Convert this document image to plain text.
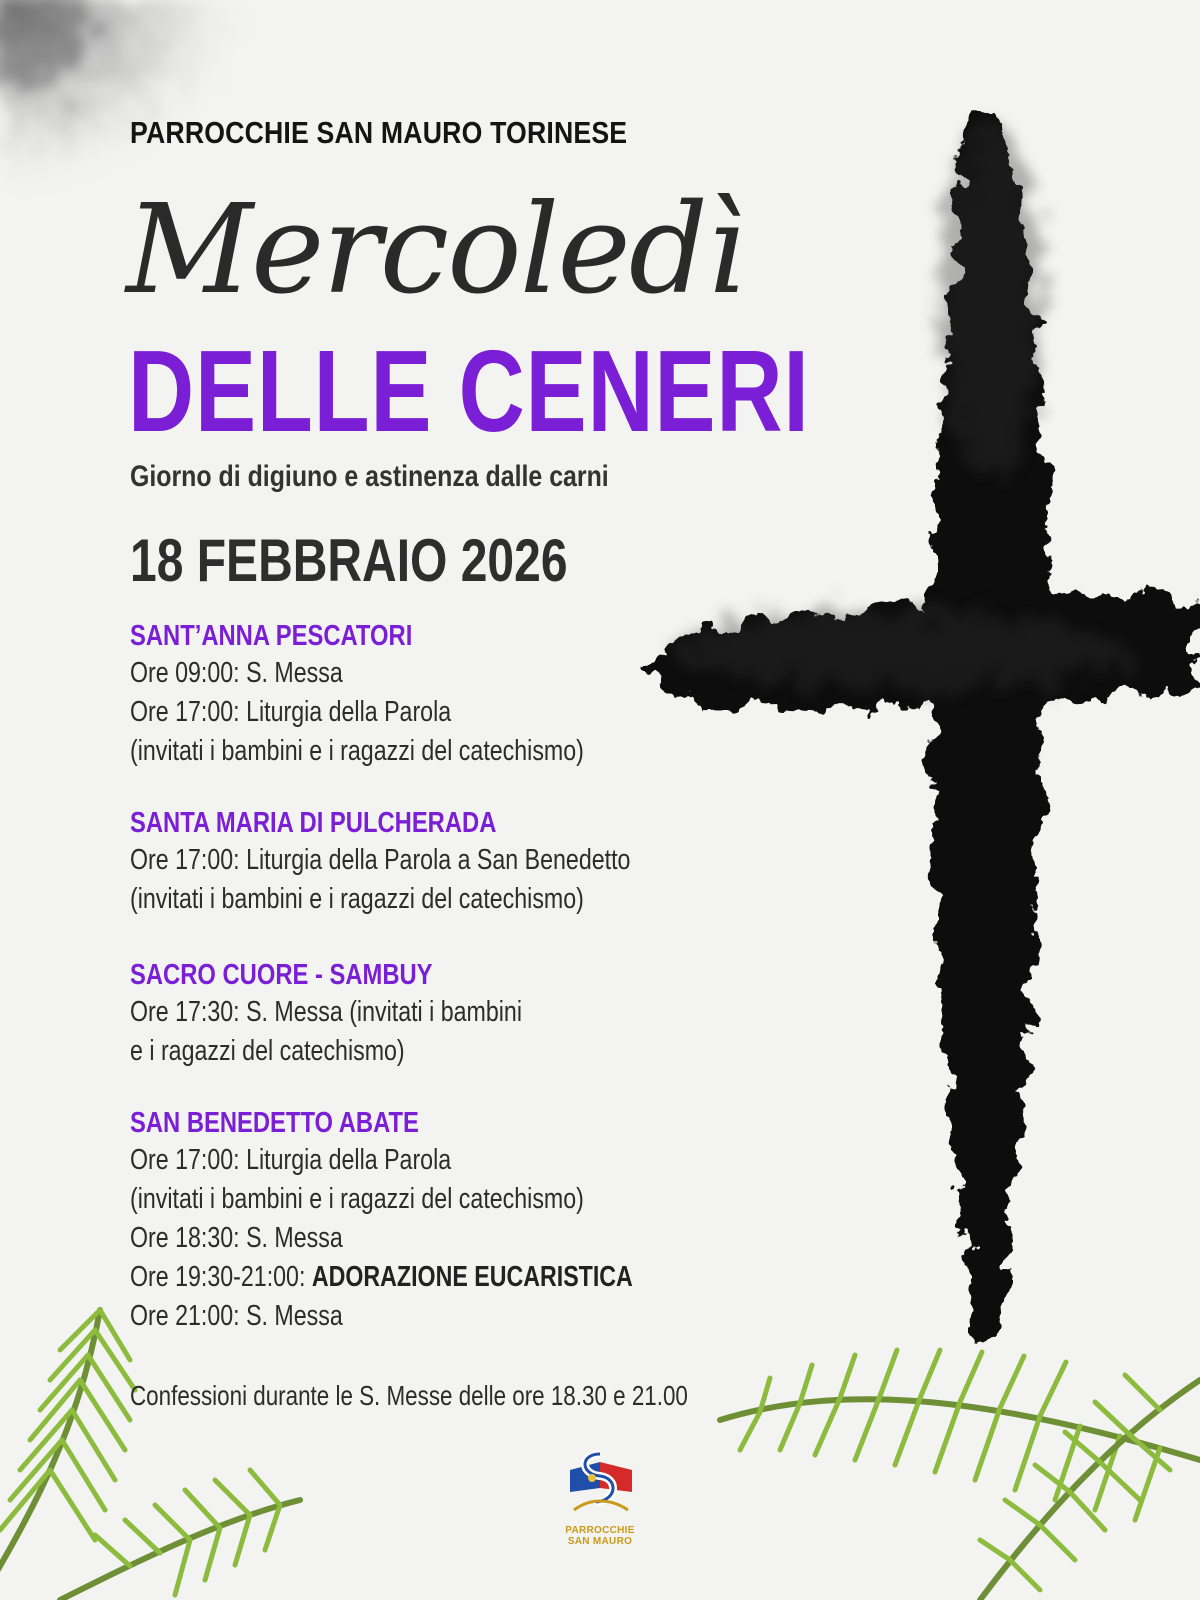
PARROCCHIE SAN MAURO TORINESE
Mercoledì
DELLE CENERI
Giorno di digiuno e astinenza dalle carni
18 FEBBRAIO 2026
SANT’ANNA PESCATORI
Ore 09:00: S. Messa
Ore 17:00: Liturgia della Parola
(invitati i bambini e i ragazzi del catechismo)
SANTA MARIA DI PULCHERADA
Ore 17:00: Liturgia della Parola a San Benedetto
(invitati i bambini e i ragazzi del catechismo)
SACRO CUORE - SAMBUY
Ore 17:30: S. Messa (invitati i bambini
e i ragazzi del catechismo)
SAN BENEDETTO ABATE
Ore 17:00: Liturgia della Parola
(invitati i bambini e i ragazzi del catechismo)
Ore 18:30: S. Messa
Ore 19:30-21:00: ADORAZIONE EUCARISTICA
Ore 21:00: S. Messa
Confessioni durante le S. Messe delle ore 18.30 e 21.00
PARROCCHIE
SAN MAURO
